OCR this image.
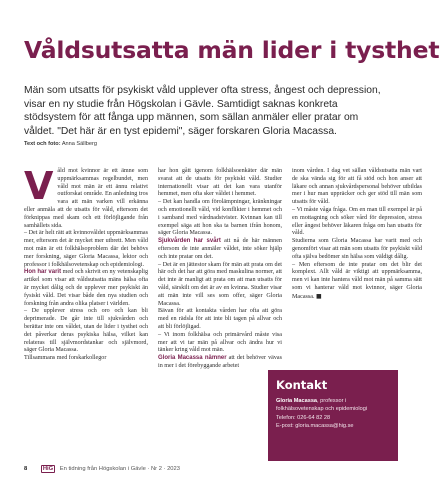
Våldsutsatta män lider i tysthet
Män som utsatts för psykiskt våld upplever ofta stress, ångest och depression,
visar en ny studie från Högskolan i Gävle. Samtidigt saknas konkreta
stödsystem för att fånga upp männen, som sällan anmäler eller pratar om
våldet. "Det här är en tyst epidemi", säger forskaren Gloria Macassa.
Text och foto: Anna Sällberg

Våld mot kvinnor är ett ämne som uppmärksammas regelbundet, men våld mot män är ett ännu relativt outforskat område. En anledning tros vara att män varken vill erkänna eller anmäla att de utsatts för våld, eftersom det förknippas med skam och ett förlöjligande från samhällets sida.

– Det är helt rätt att kvinnovåldet uppmärksammas mer, eftersom det är mycket mer utbrett. Men våld mot män är ett folkhälsoproblem där det behövs mer forskning, säger Gloria Macassa, lektor och professor i folkhälsovetenskap och epidemiologi.

Hon har varit med och skrivit en ny vetenskaplig artikel som visar att våldsutsatta mäns hälsa ofta är mycket dålig och de upplever mer psykiskt än fysiskt våld. Det visar både den nya studien och forskning från andra olika platser i världen.

– De upplever stress och oro och kan bli deprimerade. De går inte till sjukvården och berättar inte om våldet, utan de lider i tysthet och det påverkar deras psykiska hälsa, vilket kan relateras till självmordstankar och självmord, säger Gloria Macassa.

Tillsammans med forskarkollegor

har hon gått igenom folkhälsoenkäter där män svarat att de utsatts för psykiskt våld. Studier internationellt visar att det kan vara utanför hemmet, men ofta sker våldet i hemmet.

– Det kan handla om förolämpningar, kränkningar och emotionellt våld, vid konflikter i hemmet och i samband med vårdnadstvister. Kvinnan kan till exempel säga att hon ska ta barnen ifrån honom, säger Gloria Macassa.

Sjukvården har svårt att nå de här männen eftersom de inte anmäler våldet, inte söker hjälp och inte pratar om det.

– Det är en jättestor skam för män att prata om det här och det har att göra med maskulina normer, att det inte är manligt att prata om att man utsatts för våld, särskilt om det är av en kvinna. Studier visar att män inte vill ses som offer, säger Gloria Macassa.

Bävan för att kontakta vården har ofta att göra med en rädsla för att inte bli tagen på allvar och att bli förlöjligad.

– Vi inom folkhälsa och primärvård måste visa mer att vi tar män på allvar och ändra hur vi tänker kring våld mot män.

Gloria Macassa nämner att det behöver vävas in mer i det förebyggande arbetet

inom vården. I dag vet sällan våldsutsatta män vart de ska vända sig för att få stöd och hon anser att läkare och annan sjukvårdspersonal behöver utbildas mer i hur man uppräcker och ger stöd till män som utsatts för våld.

– Vi måste våga fråga. Om en man till exempel är på en mottagning och söker vård för depression, stress eller ångest behöver läkaren fråga om han utsatts för våld.

Studierna som Gloria Macassa har varit med och genomfört visar att män som utsatts för psykiskt våld ofta själva bedömer sin hälsa som väldigt dålig.

– Men eftersom de inte pratar om det blir det komplext. Allt våld är viktigt att uppmärksamma, men vi kan inte hantera våld mot män på samma sätt som vi hanterar våld mot kvinnor, säger Gloria Macassa. ■

Kontakt
Gloria Macassa, professor i
folkhälsovetenskap och epidemiologi
Telefon: 026-64 82 28
E-post: gloria.macassa@hig.se
8	HiG En tidning från Högskolan i Gävle · Nr 2 · 2023
